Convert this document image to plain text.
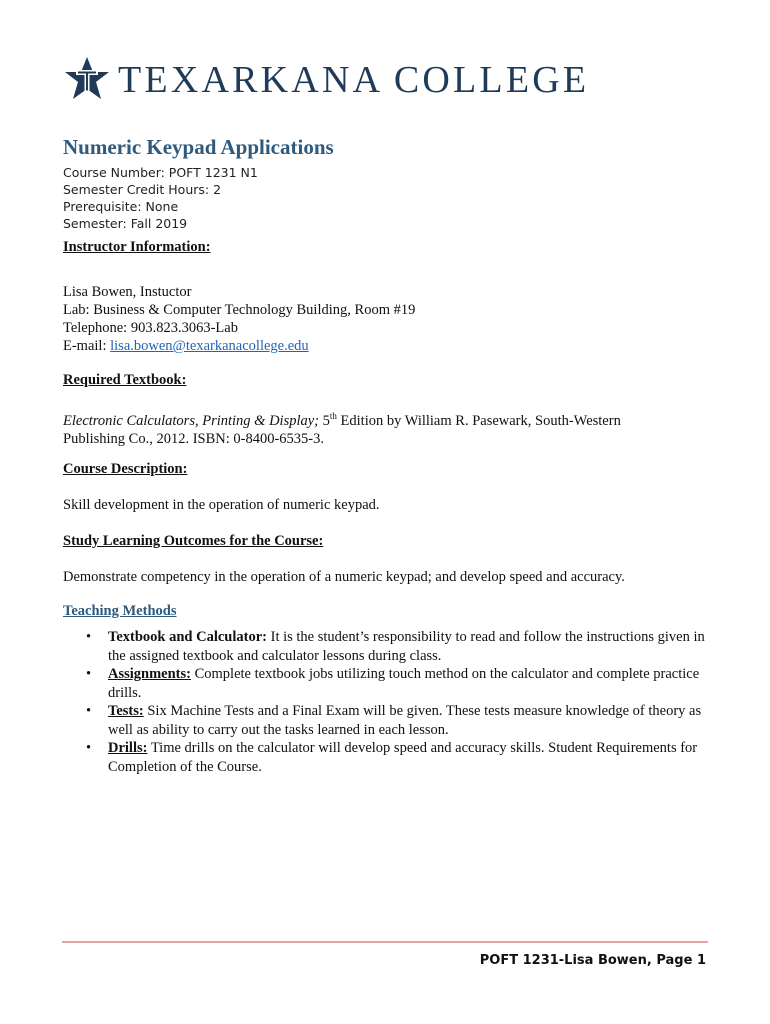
TEXARKANA COLLEGE
Numeric Keypad Applications
Course Number: POFT 1231 N1
Semester Credit Hours: 2
Prerequisite: None
Semester: Fall 2019
Instructor Information:
Lisa Bowen, Instuctor
Lab: Business & Computer Technology Building, Room #19
Telephone: 903.823.3063-Lab
E-mail: lisa.bowen@texarkanacollege.edu
Required Textbook:
Electronic Calculators, Printing & Display; 5th Edition by William R. Pasewark, South-Western
Publishing Co., 2012. ISBN: 0-8400-6535-3.
Course Description:
Skill development in the operation of numeric keypad.
Study Learning Outcomes for the Course:
Demonstrate competency in the operation of a numeric keypad; and develop speed and accuracy.
Teaching Methods
• Textbook and Calculator: It is the student’s responsibility to read and follow the instructions given in the assigned textbook and calculator lessons during class.
• Assignments: Complete textbook jobs utilizing touch method on the calculator and complete practice drills.
• Tests: Six Machine Tests and a Final Exam will be given. These tests measure knowledge of theory as well as ability to carry out the tasks learned in each lesson.
• Drills: Time drills on the calculator will develop speed and accuracy skills. Student Requirements for Completion of the Course.
POFT 1231-Lisa Bowen, Page 1
